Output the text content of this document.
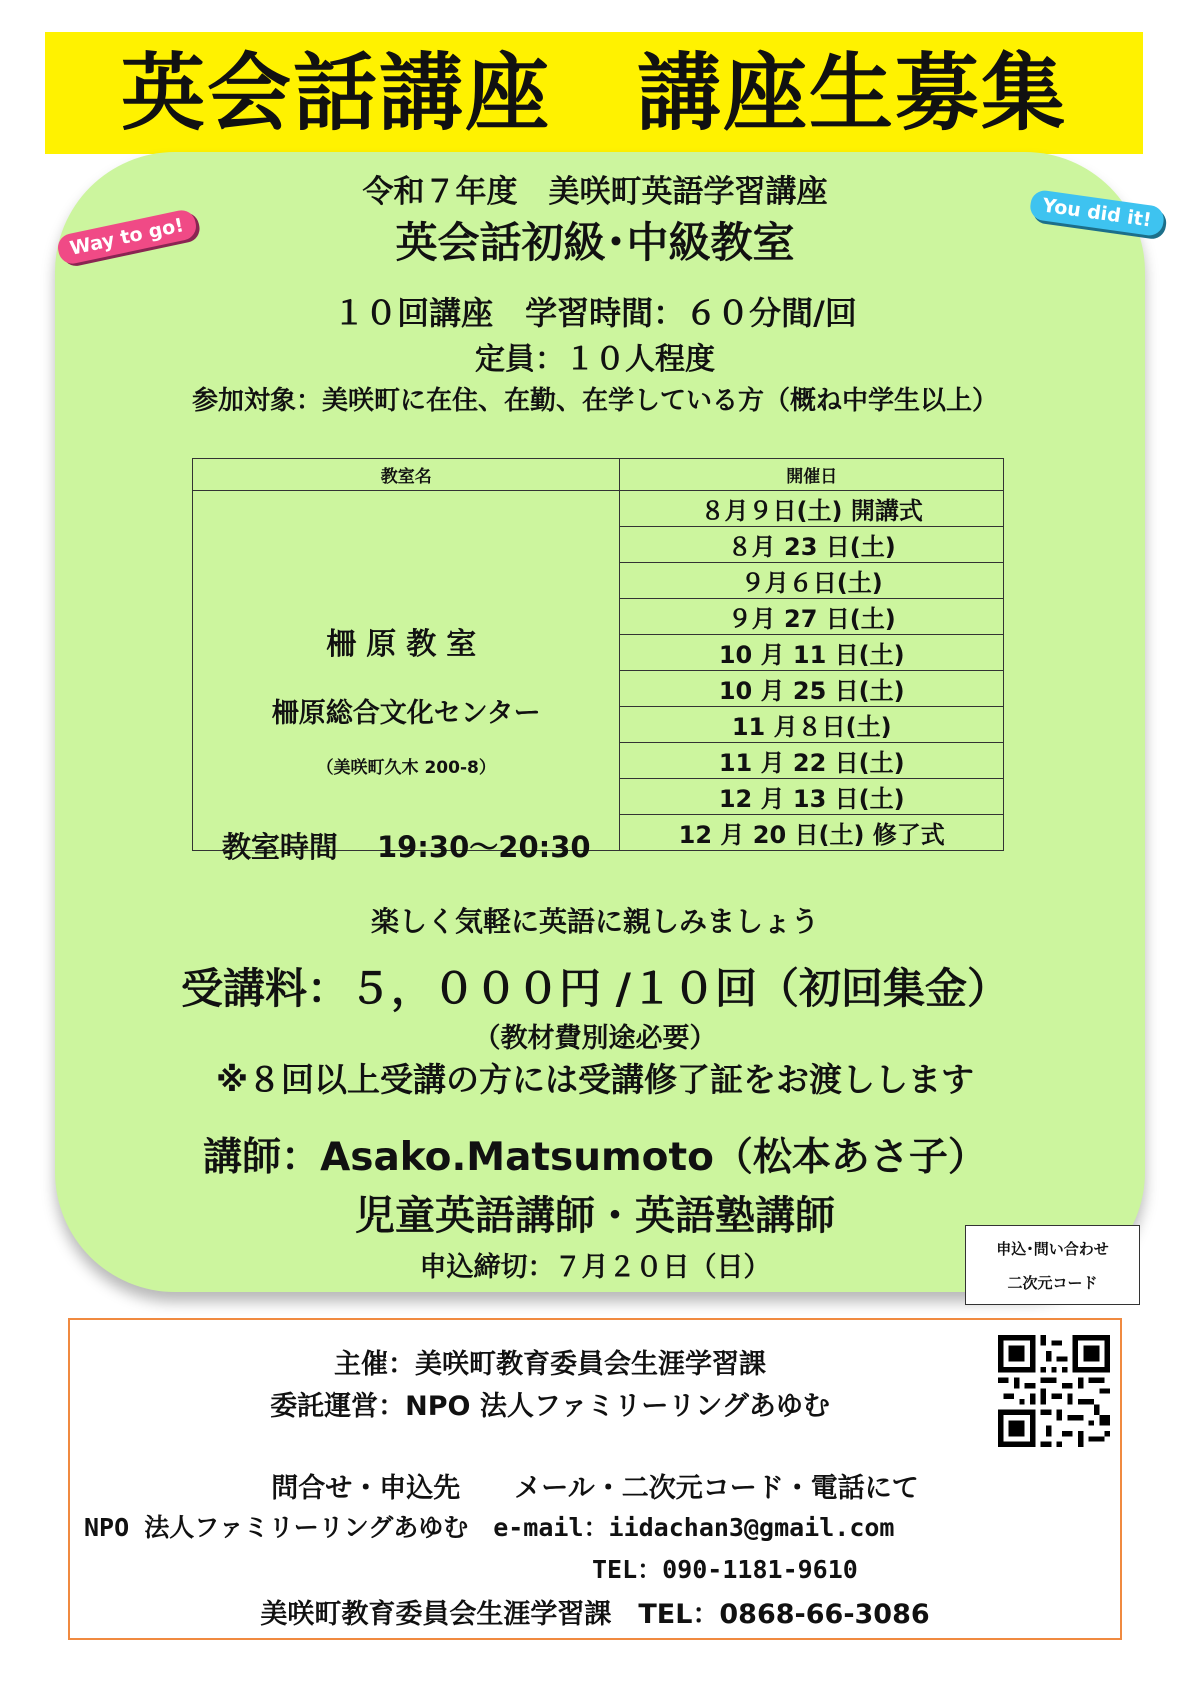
英会話講座　講座生募集
Way to go!
You did it!
令和７年度　美咲町英語学習講座
英会話初級･中級教室
１０回講座　学習時間：６０分間/回
定員：１０人程度
参加対象：美咲町に在住、在勤、在学している方（概ね中学生以上）
教室名	開催日

柵原教室
柵原総合文化センター
（美咲町久木 200-8）
教室時間　 19:30～20:30	８月９日(土) 開講式
	８月 23 日(土)
	９月６日(土)
	９月 27 日(土)
	10 月 11 日(土)
	10 月 25 日(土)
	11 月８日(土)
	11 月 22 日(土)
	12 月 13 日(土)
	12 月 20 日(土) 修了式
楽しく気軽に英語に親しみましょう
受講料：５，０００円 /１０回（初回集金）
（教材費別途必要）
※８回以上受講の方には受講修了証をお渡しします
講師：Asako.Matsumoto（松本あさ子）
児童英語講師・英語塾講師
申込締切：７月２０日（日）
申込･問い合わせ
二次元コード
主催：美咲町教育委員会生涯学習課
委託運営：NPO 法人ファミリーリングあゆむ
問合せ・申込先　　メール・二次元コード・電話にて
NPO 法人ファミリーリングあゆむ　e-mail：iidachan3@gmail.com
TEL：090-1181-9610
美咲町教育委員会生涯学習課　TEL：0868-66-3086
